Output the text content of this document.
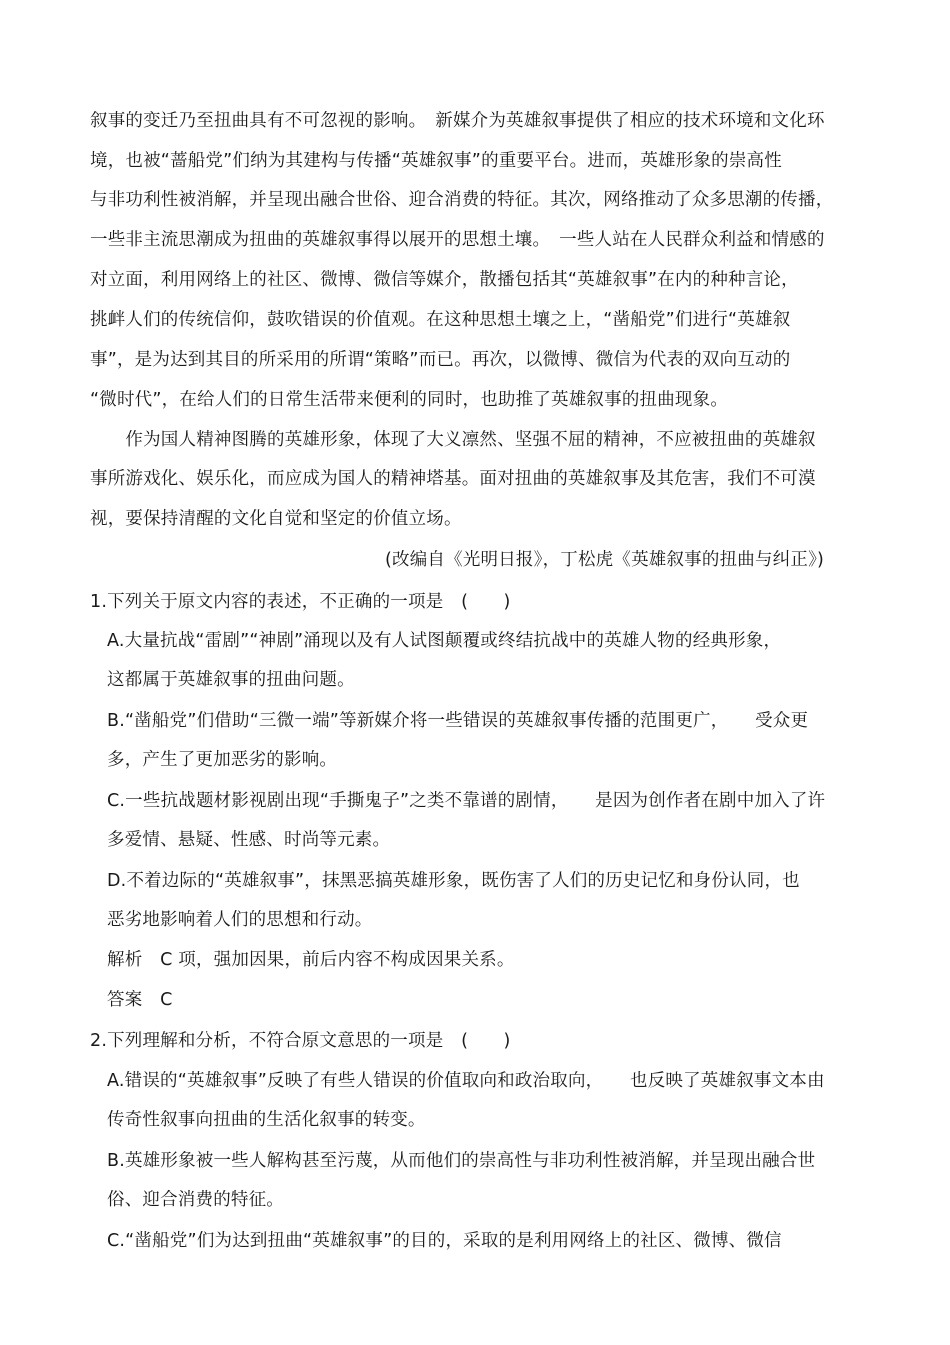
叙事的变迁乃至扭曲具有不可忽视的影响。　新媒介为英雄叙事提供了相应的技术环境和文化环
境，也被“蔷船党”们纳为其建构与传播“英雄叙事”的重要平台。进而，英雄形象的崇高性
与非功利性被消解，并呈现出融合世俗、迎合消费的特征。其次，网络推动了众多思潮的传播，
一些非主流思潮成为扭曲的英雄叙事得以展开的思想土壤。　一些人站在人民群众利益和情感的
对立面，利用网络上的社区、微博、微信等媒介，散播包括其“英雄叙事”在内的种种言论，
挑衅人们的传统信仰，鼓吹错误的价值观。在这种思想土壤之上，“凿船党”们进行“英雄叙
事”，是为达到其目的所采用的所谓“策略”而已。再次，以微博、微信为代表的双向互动的
“微时代”，在给人们的日常生活带来便利的同时，也助推了英雄叙事的扭曲现象。
　　作为国人精神图腾的英雄形象，体现了大义凛然、坚强不屈的精神，不应被扭曲的英雄叙
事所游戏化、娱乐化，而应成为国人的精神塔基。面对扭曲的英雄叙事及其危害，我们不可漠
视，要保持清醒的文化自觉和坚定的价值立场。
(改编自《光明日报》，丁松虎《英雄叙事的扭曲与纠正》)
1.下列关于原文内容的表述，不正确的一项是　(　　)
A.大量抗战“雷剧”“神剧”涌现以及有人试图颠覆或终结抗战中的英雄人物的经典形象，
这都属于英雄叙事的扭曲问题。
B.“凿船党”们借助“三微一端”等新媒介将一些错误的英雄叙事传播的范围更广，　　受众更
多，产生了更加恶劣的影响。
C.一些抗战题材影视剧出现“手撕鬼子”之类不靠谱的剧情，　　是因为创作者在剧中加入了许
多爱情、悬疑、性感、时尚等元素。
D.不着边际的“英雄叙事”，抹黑恶搞英雄形象，既伤害了人们的历史记忆和身份认同，也
恶劣地影响着人们的思想和行动。
解析　C 项，强加因果，前后内容不构成因果关系。
答案　C
2.下列理解和分析，不符合原文意思的一项是　(　　)
A.错误的“英雄叙事”反映了有些人错误的价值取向和政治取向，　　也反映了英雄叙事文本由
传奇性叙事向扭曲的生活化叙事的转变。
B.英雄形象被一些人解构甚至污蔑，从而他们的崇高性与非功利性被消解，并呈现出融合世
俗、迎合消费的特征。
C.“凿船党”们为达到扭曲“英雄叙事”的目的，采取的是利用网络上的社区、微博、微信
